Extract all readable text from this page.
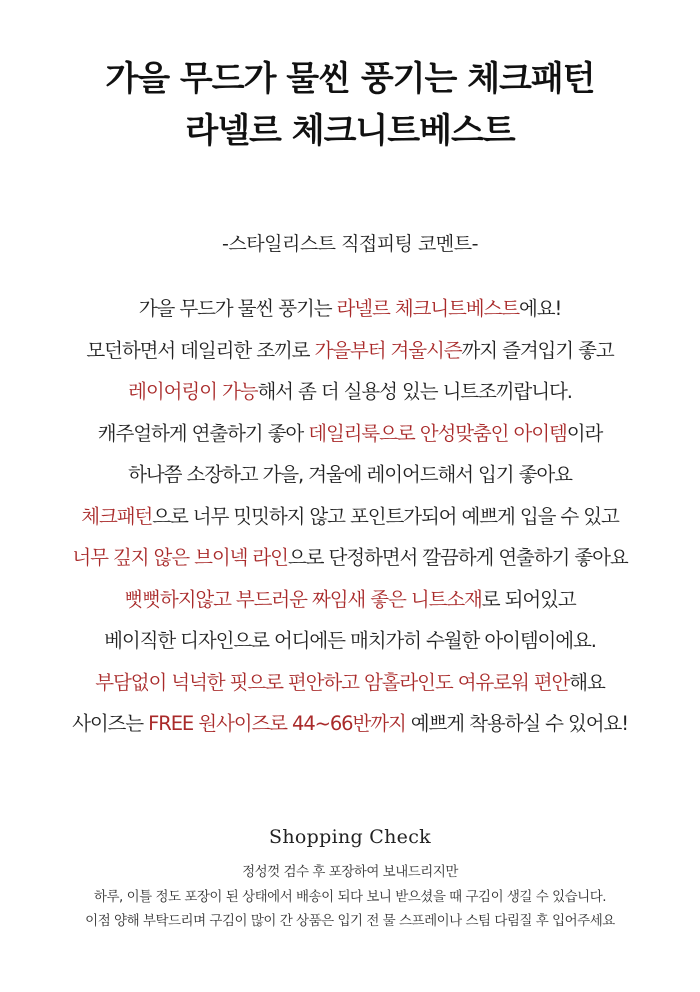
가을 무드가 물씬 풍기는 체크패턴
라넬르 체크니트베스트
-스타일리스트 직접피팅 코멘트-
가을 무드가 물씬 풍기는 라넬르 체크니트베스트에요!
모던하면서 데일리한 조끼로 가을부터 겨울시즌까지 즐겨입기 좋고
레이어링이 가능해서 좀 더 실용성 있는 니트조끼랍니다.
캐주얼하게 연출하기 좋아 데일리룩으로 안성맞춤인 아이템이라
하나쯤 소장하고 가을, 겨울에 레이어드해서 입기 좋아요
체크패턴으로 너무 밋밋하지 않고 포인트가되어 예쁘게 입을 수 있고
너무 깊지 않은 브이넥 라인으로 단정하면서 깔끔하게 연출하기 좋아요
뻣뻣하지않고 부드러운 짜임새 좋은 니트소재로 되어있고
베이직한 디자인으로 어디에든 매치가히 수월한 아이템이에요.
부담없이 넉넉한 핏으로 편안하고 암홀라인도 여유로워 편안해요
사이즈는 FREE 원사이즈로 44~66반까지 예쁘게 착용하실 수 있어요!
Shopping Check
정성껏 검수 후 포장하여 보내드리지만
하루, 이틀 정도 포장이 된 상태에서 배송이 되다 보니 받으셨을 때 구김이 생길 수 있습니다.
이점 양해 부탁드리며 구김이 많이 간 상품은 입기 전 물 스프레이나 스팀 다림질 후 입어주세요
